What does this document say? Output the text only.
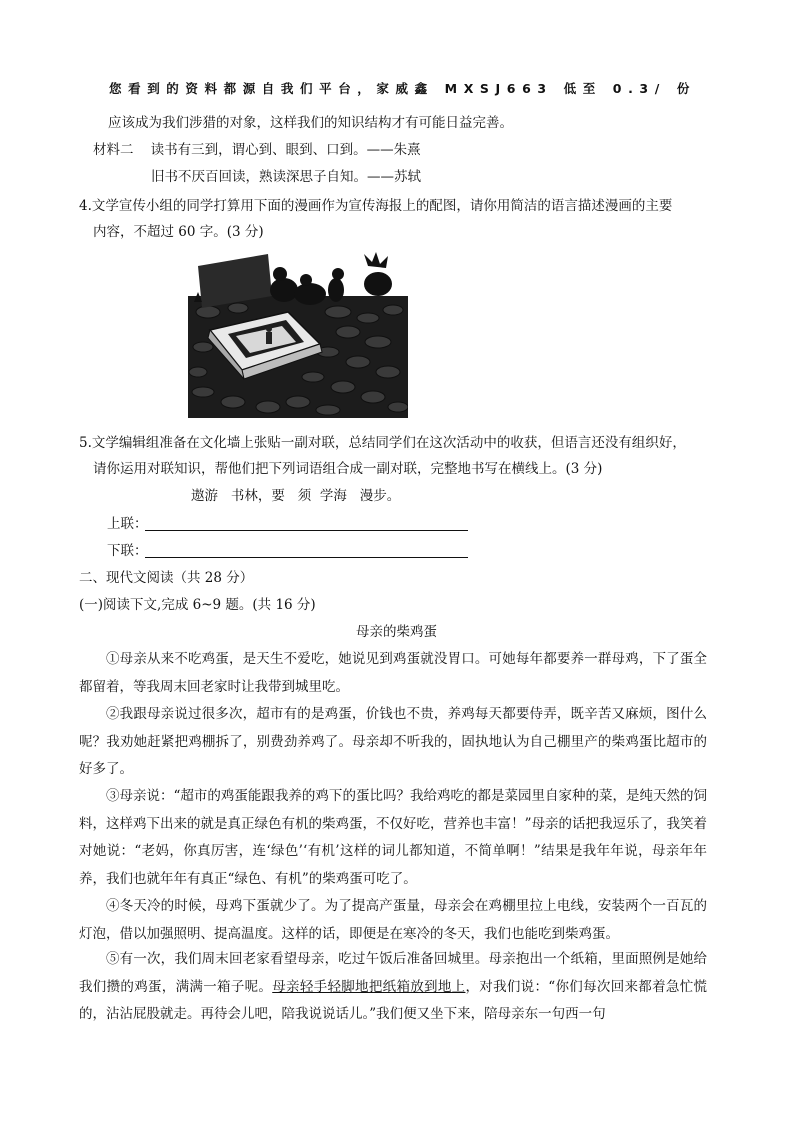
您看到的资料都源自我们平台，家威鑫 MXSJ663 低至 0.3/ 份
应该成为我们涉猎的对象，这样我们的知识结构才有可能日益完善。
材料二 读书有三到，谓心到、眼到、口到。——朱熹
旧书不厌百回读，熟读深思子自知。——苏轼
4.文学宣传小组的同学打算用下面的漫画作为宣传海报上的配图，请你用简洁的语言描述漫画的主要
内容，不超过 60 字。(3 分)
5.文学编辑组准备在文化墙上张贴一副对联，总结同学们在这次活动中的收获，但语言还没有组织好，
请你运用对联知识，帮他们把下列词语组合成一副对联，完整地书写在横线上。(3 分)
遨游   书林，要   须  学海   漫步。
上联：
下联：
二、现代文阅读（共 28 分）
(一)阅读下文,完成 6~9 题。(共 16 分)
母亲的柴鸡蛋
①母亲从来不吃鸡蛋，是天生不爱吃，她说见到鸡蛋就没胃口。可她每年都要养一群母鸡，下了蛋全都留着，等我周末回老家时让我带到城里吃。
②我跟母亲说过很多次，超市有的是鸡蛋，价钱也不贵，养鸡每天都要侍弄，既辛苦又麻烦，图什么呢？我劝她赶紧把鸡棚拆了，别费劲养鸡了。母亲却不听我的，固执地认为自己棚里产的柴鸡蛋比超市的好多了。
③母亲说：“超市的鸡蛋能跟我养的鸡下的蛋比吗？我给鸡吃的都是菜园里自家种的菜，是纯天然的饲料，这样鸡下出来的就是真正绿色有机的柴鸡蛋，不仅好吃，营养也丰富！”母亲的话把我逗乐了，我笑着对她说：“老妈，你真厉害，连‘绿色’‘有机’这样的词儿都知道，不简单啊！”结果是我年年说，母亲年年养，我们也就年年有真正“绿色、有机”的柴鸡蛋可吃了。
④冬天冷的时候，母鸡下蛋就少了。为了提高产蛋量，母亲会在鸡棚里拉上电线，安装两个一百瓦的灯泡，借以加强照明、提高温度。这样的话，即便是在寒冷的冬天，我们也能吃到柴鸡蛋。
⑤有一次，我们周末回老家看望母亲，吃过午饭后准备回城里。母亲抱出一个纸箱，里面照例是她给我们攒的鸡蛋，满满一箱子呢。母亲轻手轻脚地把纸箱放到地上，对我们说：“你们每次回来都着急忙慌的，沾沾屁股就走。再待会儿吧，陪我说说话儿。”我们便又坐下来，陪母亲东一句西一句
